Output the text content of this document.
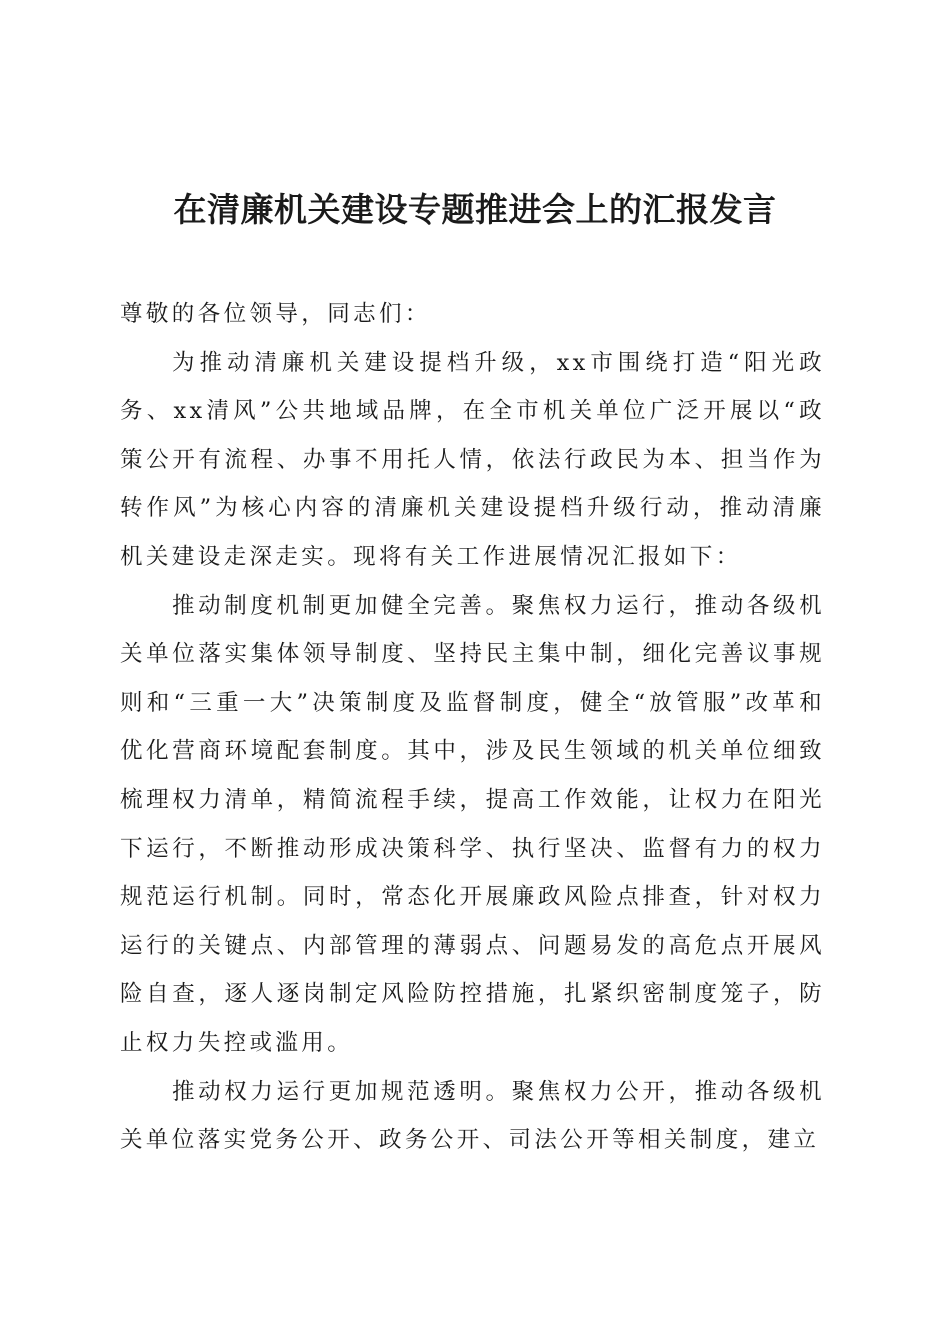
在清廉机关建设专题推进会上的汇报发言

尊敬的各位领导，同志们：

为推动清廉机关建设提档升级，xx市围绕打造“阳光政务、xx清风”公共地域品牌，在全市机关单位广泛开展以“政策公开有流程、办事不用托人情，依法行政民为本、担当作为转作风”为核心内容的清廉机关建设提档升级行动，推动清廉机关建设走深走实。现将有关工作进展情况汇报如下：

推动制度机制更加健全完善。聚焦权力运行，推动各级机关单位落实集体领导制度、坚持民主集中制，细化完善议事规则和“三重一大”决策制度及监督制度，健全“放管服”改革和优化营商环境配套制度。其中，涉及民生领域的机关单位细致梳理权力清单，精简流程手续，提高工作效能，让权力在阳光下运行，不断推动形成决策科学、执行坚决、监督有力的权力规范运行机制。同时，常态化开展廉政风险点排查，针对权力运行的关键点、内部管理的薄弱点、问题易发的高危点开展风险自查，逐人逐岗制定风险防控措施，扎紧织密制度笼子，防止权力失控或滥用。

推动权力运行更加规范透明。聚焦权力公开，推动各级机关单位落实党务公开、政务公开、司法公开等相关制度，建立
